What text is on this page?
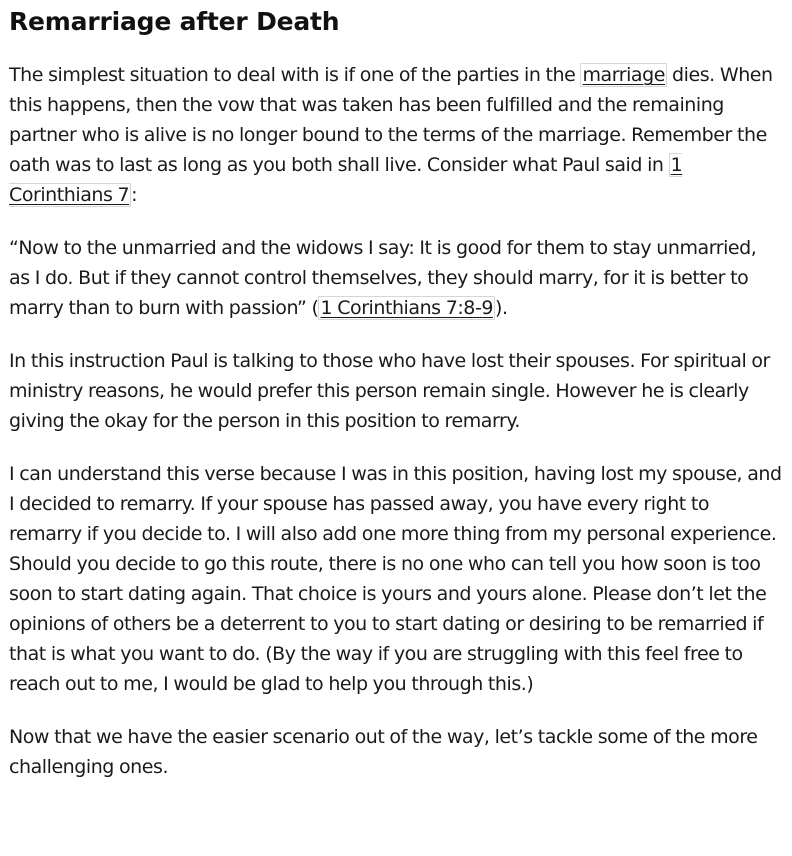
Remarriage after Death

The simplest situation to deal with is if one of the parties in the marriage dies. When this happens, then the vow that was taken has been fulfilled and the remaining partner who is alive is no longer bound to the terms of the marriage. Remember the oath was to last as long as you both shall live. Consider what Paul said in 1 Corinthians 7 :

“Now to the unmarried and the widows I say: It is good for them to stay unmarried, as I do. But if they cannot control themselves, they should marry, for it is better to marry than to burn with passion” ( 1 Corinthians 7:8-9 ).

In this instruction Paul is talking to those who have lost their spouses. For spiritual or ministry reasons, he would prefer this person remain single. However he is clearly giving the okay for the person in this position to remarry.

I can understand this verse because I was in this position, having lost my spouse, and I decided to remarry. If your spouse has passed away, you have every right to remarry if you decide to. I will also add one more thing from my personal experience. Should you decide to go this route, there is no one who can tell you how soon is too soon to start dating again. That choice is yours and yours alone. Please don’t let the opinions of others be a deterrent to you to start dating or desiring to be remarried if that is what you want to do. (By the way if you are struggling with this feel free to reach out to me, I would be glad to help you through this.)

Now that we have the easier scenario out of the way, let’s tackle some of the more challenging ones.
